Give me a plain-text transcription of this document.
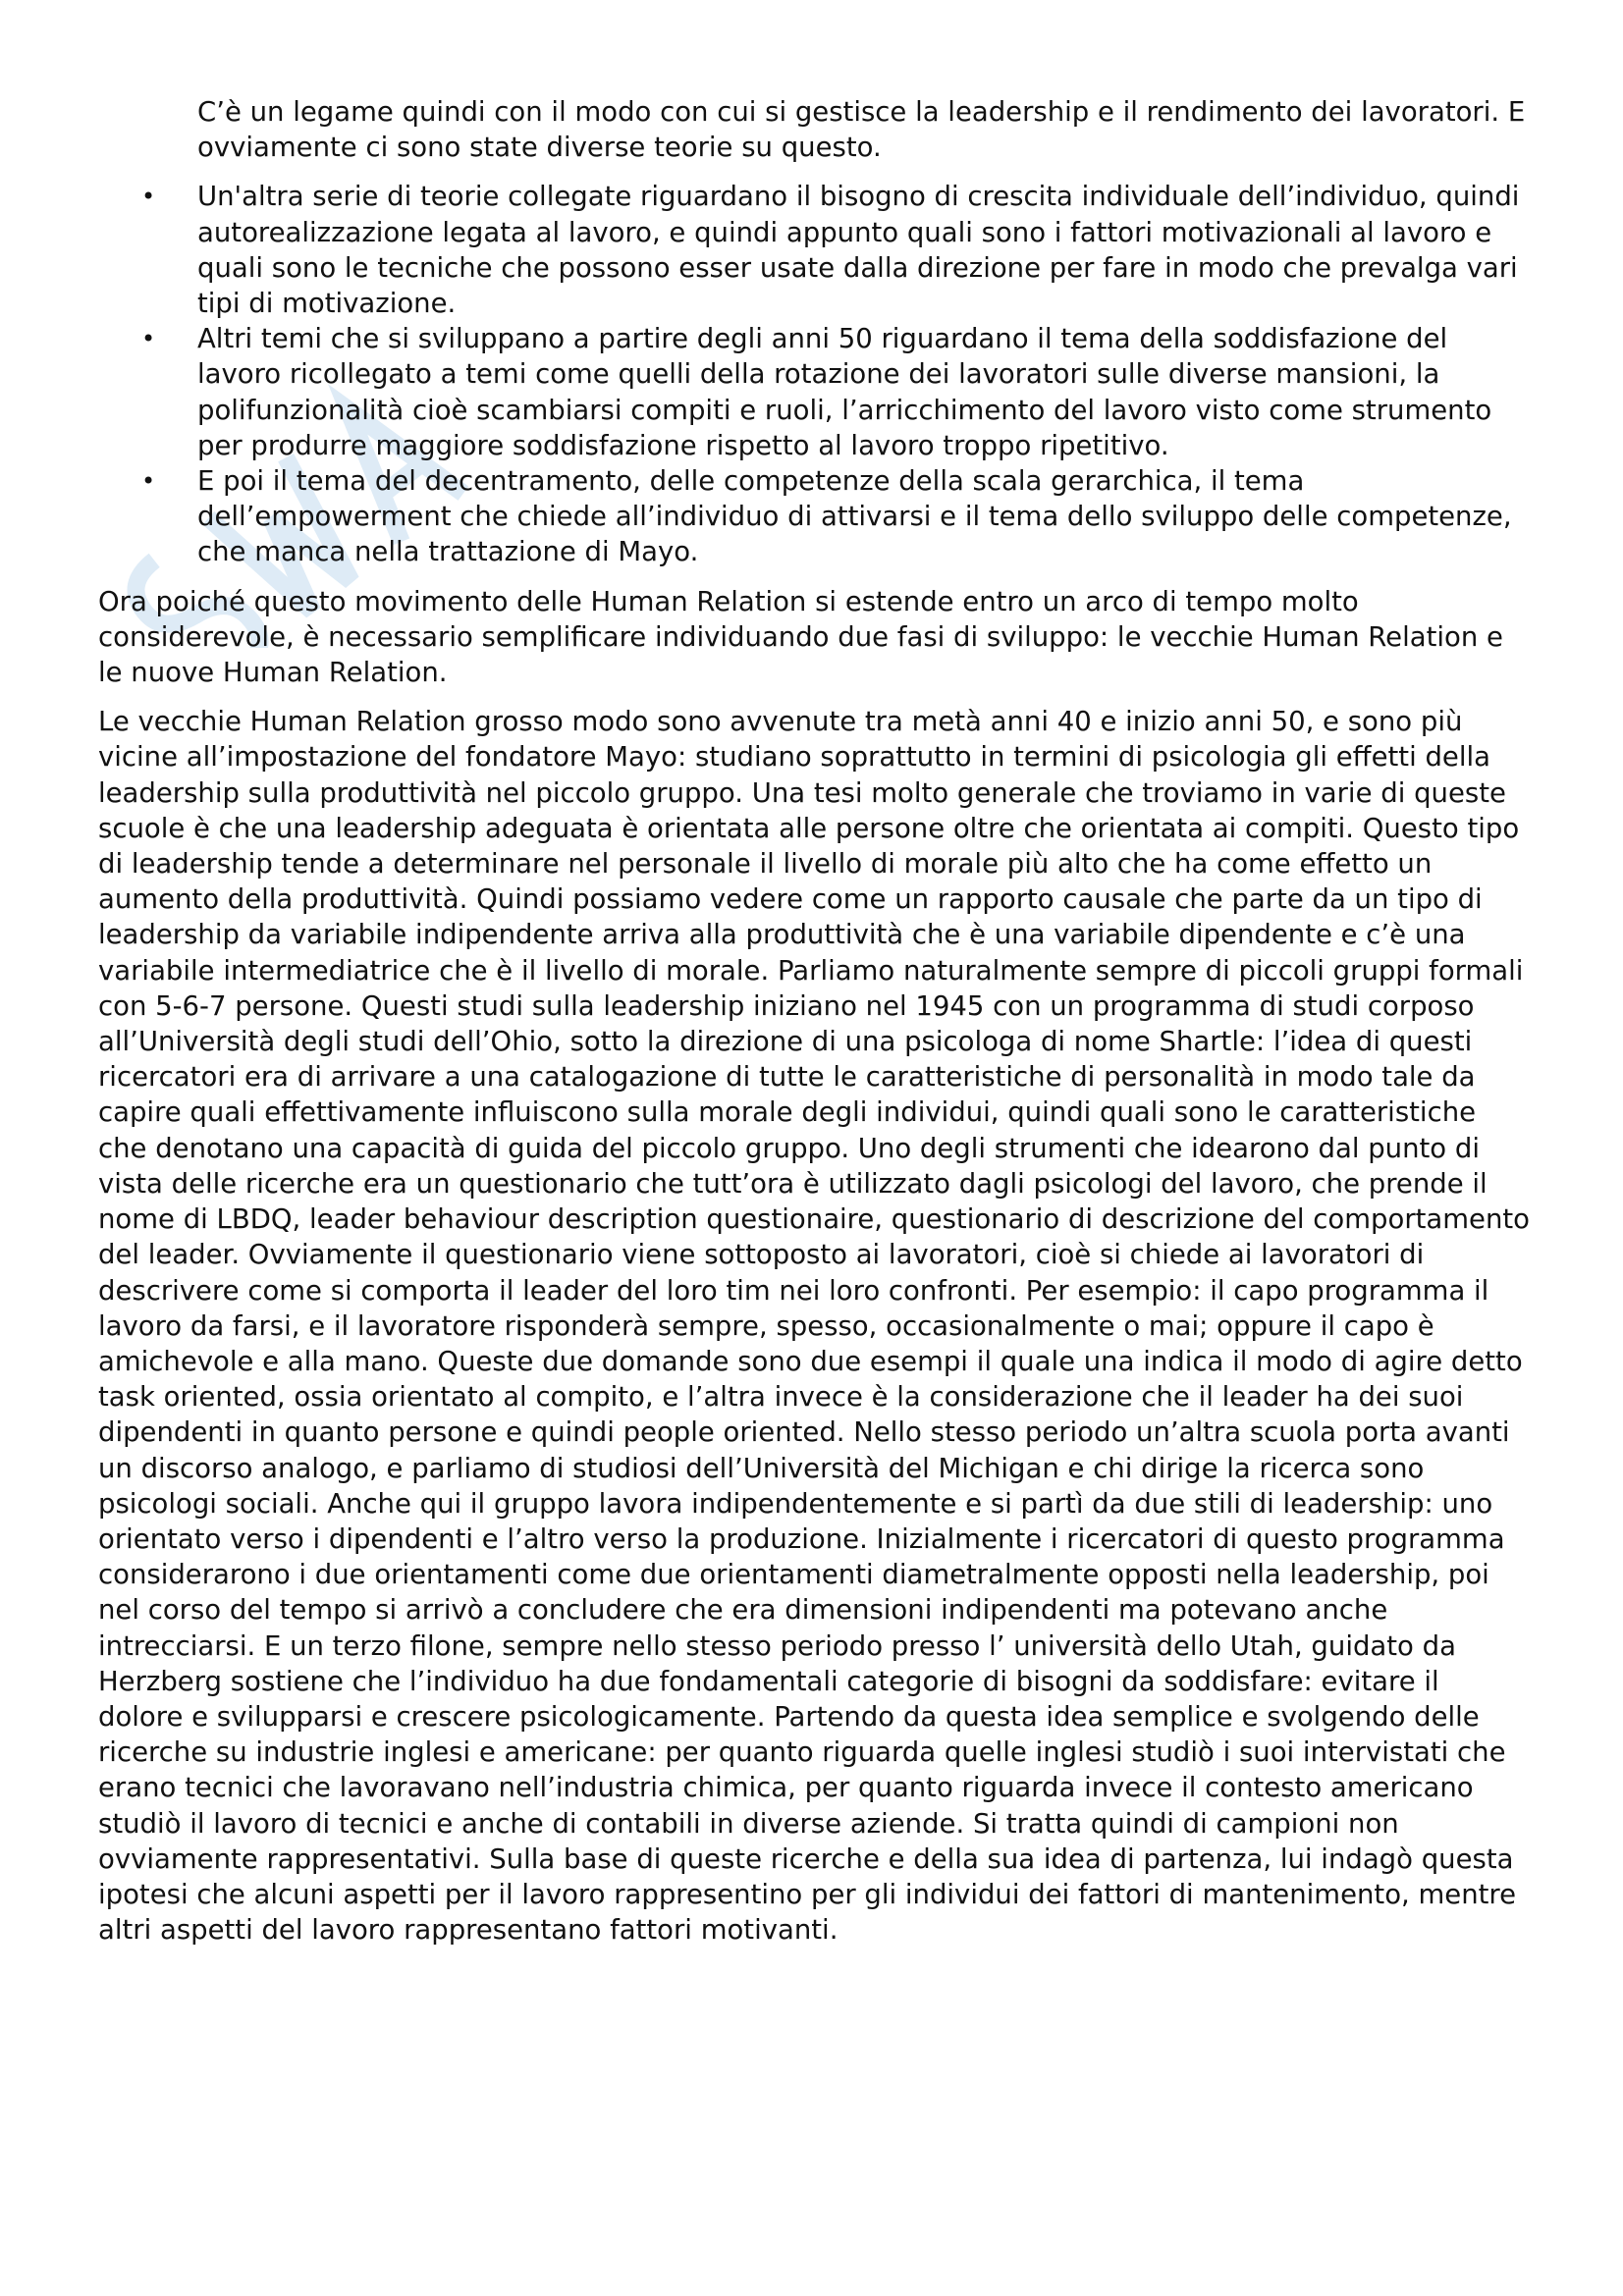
C’è un legame quindi con il modo con cui si gestisce la leadership e il rendimento dei lavoratori. E ovviamente ci sono state diverse teorie su questo.

• Un'altra serie di teorie collegate riguardano il bisogno di crescita individuale dell’individuo, quindi autorealizzazione legata al lavoro, e quindi appunto quali sono i fattori motivazionali al lavoro e quali sono le tecniche che possono esser usate dalla direzione per fare in modo che prevalga vari tipi di motivazione.
• Altri temi che si sviluppano a partire degli anni 50 riguardano il tema della soddisfazione del lavoro ricollegato a temi come quelli della rotazione dei lavoratori sulle diverse mansioni, la polifunzionalità cioè scambiarsi compiti e ruoli, l’arricchimento del lavoro visto come strumento per produrre maggiore soddisfazione rispetto al lavoro troppo ripetitivo.
• E poi il tema del decentramento, delle competenze della scala gerarchica, il tema dell’empowerment che chiede all’individuo di attivarsi e il tema dello sviluppo delle competenze, che manca nella trattazione di Mayo.

Ora poiché questo movimento delle Human Relation si estende entro un arco di tempo molto considerevole, è necessario semplificare individuando due fasi di sviluppo: le vecchie Human Relation e le nuove Human Relation.

Le vecchie Human Relation grosso modo sono avvenute tra metà anni 40 e inizio anni 50, e sono più vicine all’impostazione del fondatore Mayo: studiano soprattutto in termini di psicologia gli effetti della leadership sulla produttività nel piccolo gruppo. Una tesi molto generale che troviamo in varie di queste scuole è che una leadership adeguata è orientata alle persone oltre che orientata ai compiti. Questo tipo di leadership tende a determinare nel personale il livello di morale più alto che ha come effetto un aumento della produttività. Quindi possiamo vedere come un rapporto causale che parte da un tipo di leadership da variabile indipendente arriva alla produttività che è una variabile dipendente e c’è una variabile intermediatrice che è il livello di morale. Parliamo naturalmente sempre di piccoli gruppi formali con 5-6-7 persone. Questi studi sulla leadership iniziano nel 1945 con un programma di studi corposo all’Università degli studi dell’Ohio, sotto la direzione di una psicologa di nome Shartle: l’idea di questi ricercatori era di arrivare a una catalogazione di tutte le caratteristiche di personalità in modo tale da capire quali effettivamente influiscono sulla morale degli individui, quindi quali sono le caratteristiche che denotano una capacità di guida del piccolo gruppo. Uno degli strumenti che idearono dal punto di vista delle ricerche era un questionario che tutt’ora è utilizzato dagli psicologi del lavoro, che prende il nome di LBDQ, leader behaviour description questionaire, questionario di descrizione del comportamento del leader. Ovviamente il questionario viene sottoposto ai lavoratori, cioè si chiede ai lavoratori di descrivere come si comporta il leader del loro tim nei loro confronti. Per esempio: il capo programma il lavoro da farsi, e il lavoratore risponderà sempre, spesso, occasionalmente o mai; oppure il capo è amichevole e alla mano. Queste due domande sono due esempi il quale una indica il modo di agire detto task oriented, ossia orientato al compito, e l’altra invece è la considerazione che il leader ha dei suoi dipendenti in quanto persone e quindi people oriented. Nello stesso periodo un’altra scuola porta avanti un discorso analogo, e parliamo di studiosi dell’Università del Michigan e chi dirige la ricerca sono psicologi sociali. Anche qui il gruppo lavora indipendentemente e si partì da due stili di leadership: uno orientato verso i dipendenti e l’altro verso la produzione. Inizialmente i ricercatori di questo programma considerarono i due orientamenti come due orientamenti diametralmente opposti nella leadership, poi nel corso del tempo si arrivò a concludere che era dimensioni indipendenti ma potevano anche intrecciarsi. E un terzo filone, sempre nello stesso periodo presso l’ università dello Utah, guidato da Herzberg sostiene che l’individuo ha due fondamentali categorie di bisogni da soddisfare: evitare il dolore e svilupparsi e crescere psicologicamente. Partendo da questa idea semplice e svolgendo delle ricerche su industrie inglesi e americane: per quanto riguarda quelle inglesi studiò i suoi intervistati che erano tecnici che lavoravano nell’industria chimica, per quanto riguarda invece il contesto americano studiò il lavoro di tecnici e anche di contabili in diverse aziende. Si tratta quindi di campioni non ovviamente rappresentativi. Sulla base di queste ricerche e della sua idea di partenza, lui indagò questa ipotesi che alcuni aspetti per il lavoro rappresentino per gli individui dei fattori di mantenimento, mentre altri aspetti del lavoro rappresentano fattori motivanti.
